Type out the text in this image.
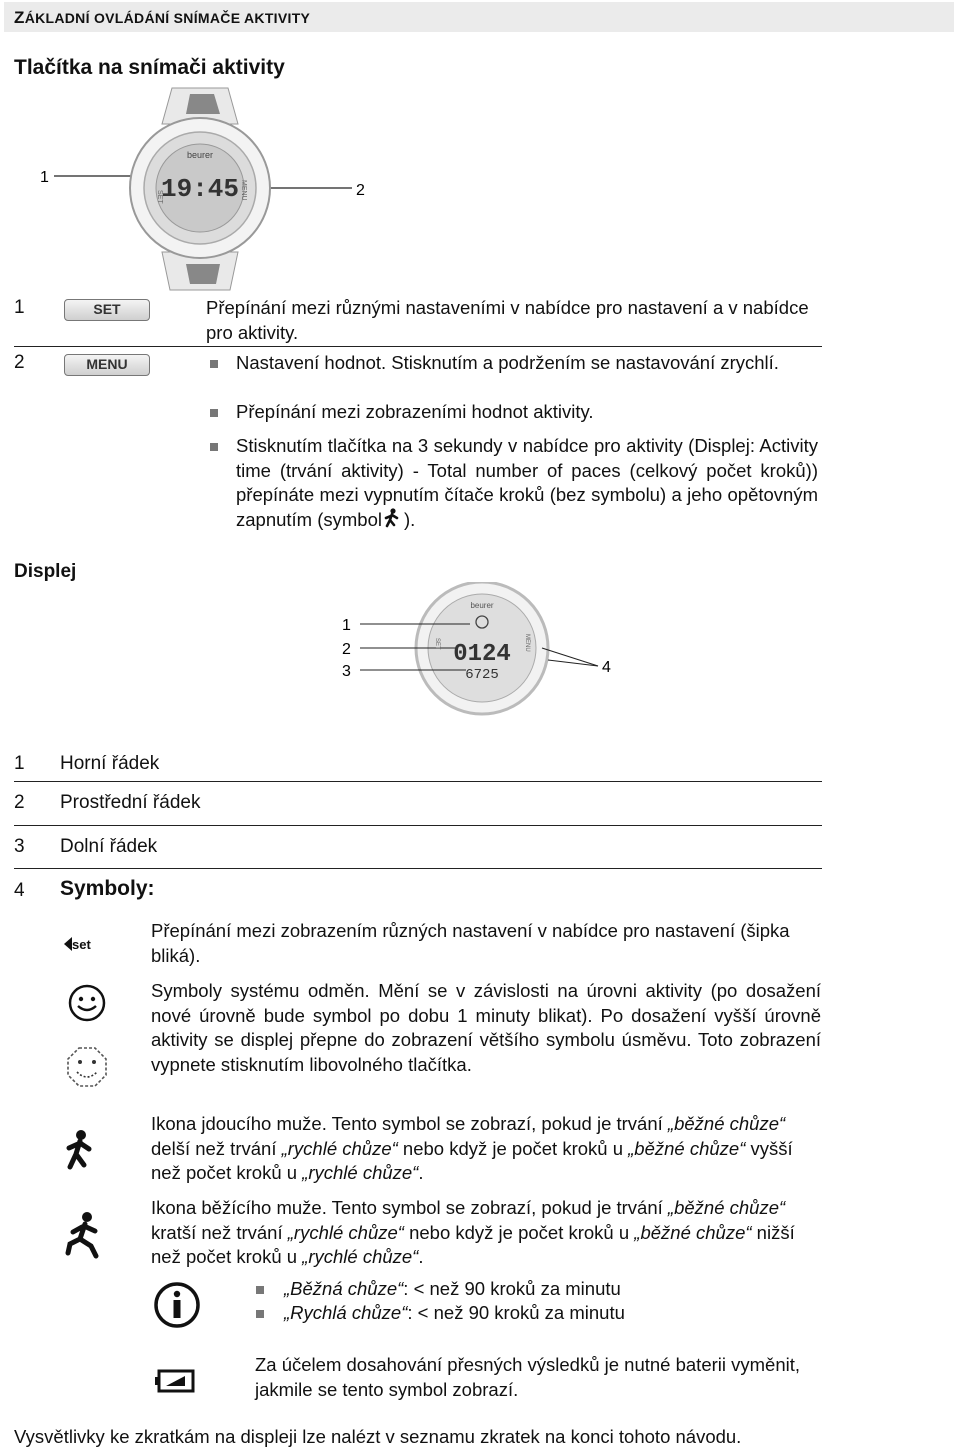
ZÁKLADNÍ OVLÁDÁNÍ SNÍMAČE AKTIVITY
Tlačítka na snímači aktivity
1
2
beurer
19:45
SET	MENU
1	SET	Přepínání mezi různými nastaveními v nabídce pro nastavení a v nabídce pro aktivity.
2	MENU	Nastavení hodnot. Stisknutím a podržením se nastavování zrychlí.
Přepínání mezi zobrazeními hodnot aktivity.
Stisknutím tlačítka na 3 sekundy v nabídce pro aktivity (Displej: Activity time (trvání aktivity) - Total number of paces (celkový počet kroků)) přepínáte mezi vypnutím čítače kroků (bez symbolu) a jeho opětovným zapnutím (symbol ).
Displej
1
2
3	4
beurer
0124
6725
SET	MENU
1 Horní řádek
2 Prostřední řádek
3 Dolní řádek
4 Symboly:
set
Přepínání mezi zobrazením různých nastavení v nabídce pro nastavení (šipka bliká).
Symboly systému odměn. Mění se v závislosti na úrovni aktivity (po dosažení nové úrovně bude symbol po dobu 1 minuty blikat). Po dosažení vyšší úrovně aktivity se displej přepne do zobrazení většího symbolu úsměvu. Toto zobrazení vypnete stisknutím libovolného tlačítka.
Ikona jdoucího muže. Tento symbol se zobrazí, pokud je trvání „běžné chůze“ delší než trvání „rychlé chůze“ nebo když je počet kroků u „běžné chůze“ vyšší než počet kroků u „rychlé chůze“.
Ikona běžícího muže. Tento symbol se zobrazí, pokud je trvání „běžné chůze“ kratší než trvání „rychlé chůze“ nebo když je počet kroků u „běžné chůze“ nižší než počet kroků u „rychlé chůze“.
„Běžná chůze“: < než 90 kroků za minutu
„Rychlá chůze“: < než 90 kroků za minutu
Za účelem dosahování přesných výsledků je nutné baterii vyměnit, jakmile se tento symbol zobrazí.
Vysvětlivky ke zkratkám na displeji lze nalézt v seznamu zkratek na konci tohoto návodu.
